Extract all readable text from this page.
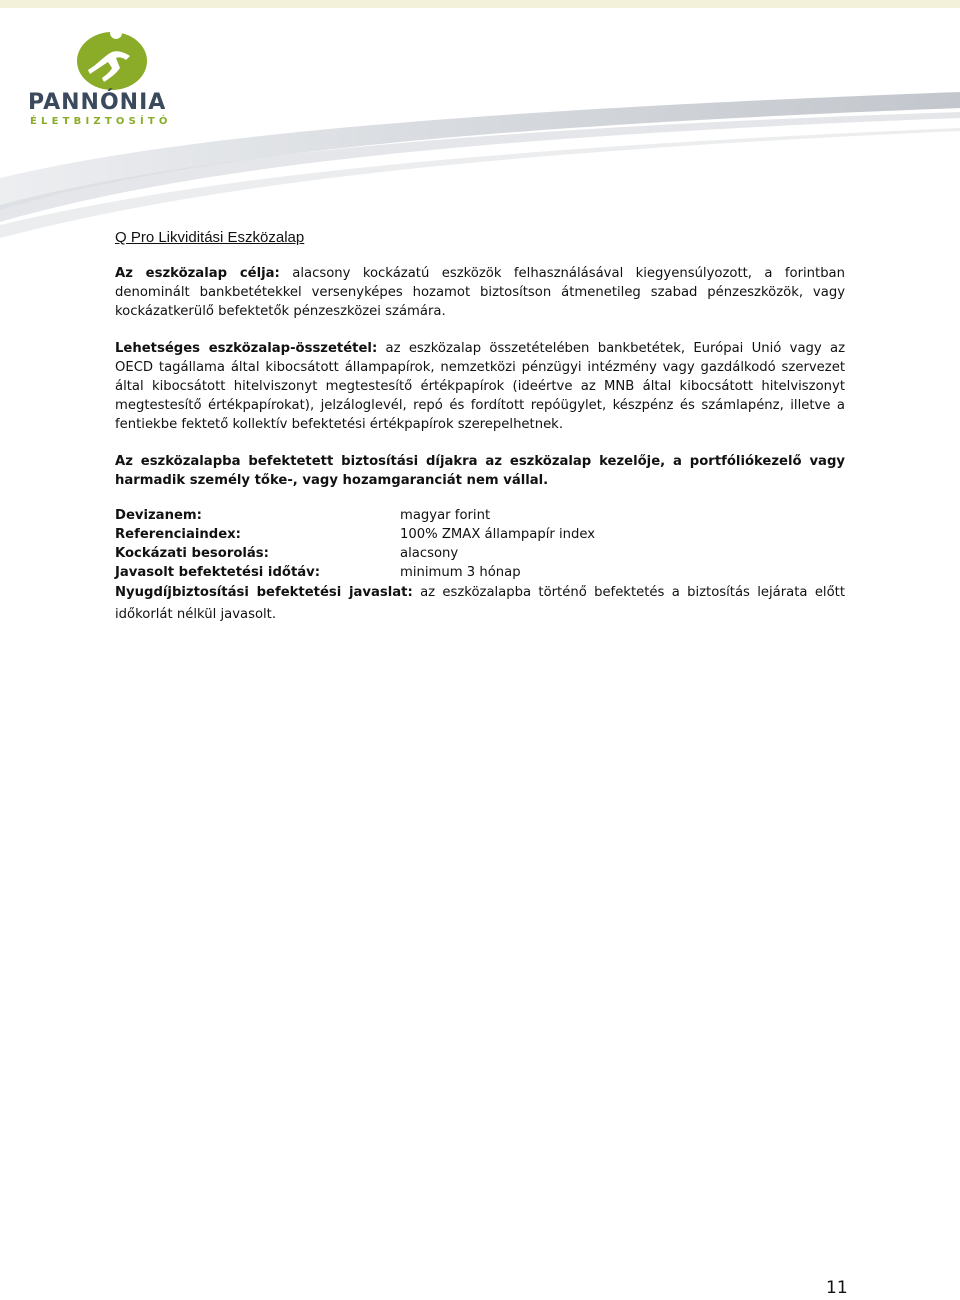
PANNÓNIA
ÉLETBIZTOSÍTÓ
Q Pro Likviditási Eszközalap

Az eszközalap célja: alacsony kockázatú eszközök felhasználásával kiegyensúlyozott, a forintban denominált bankbetétekkel versenyképes hozamot biztosítson átmenetileg szabad pénzeszközök, vagy kockázatkerülő befektetők pénzeszközei számára.

Lehetséges eszközalap-összetétel: az eszközalap összetételében bankbetétek, Európai Unió vagy az OECD tagállama által kibocsátott állampapírok, nemzetközi pénzügyi intézmény vagy gazdálkodó szervezet által kibocsátott hitelviszonyt megtestesítő értékpapírok (ideértve az MNB által kibocsátott hitelviszonyt megtestesítő értékpapírokat), jelzáloglevél, repó és fordított repóügylet, készpénz és számlapénz, illetve a fentiekbe fektető kollektív befektetési értékpapírok szerepelhetnek.

Az eszközalapba befektetett biztosítási díjakra az eszközalap kezelője, a portfóliókezelő vagy harmadik személy tőke-, vagy hozamgaranciát nem vállal.

Devizanem:	magyar forint
Referenciaindex:	100% ZMAX állampapír index
Kockázati besorolás:	alacsony
Javasolt befektetési időtáv:	minimum 3 hónap

Nyugdíjbiztosítási befektetési javaslat: az eszközalapba történő befektetés a biztosítás lejárata előtt időkorlát nélkül javasolt.

11
